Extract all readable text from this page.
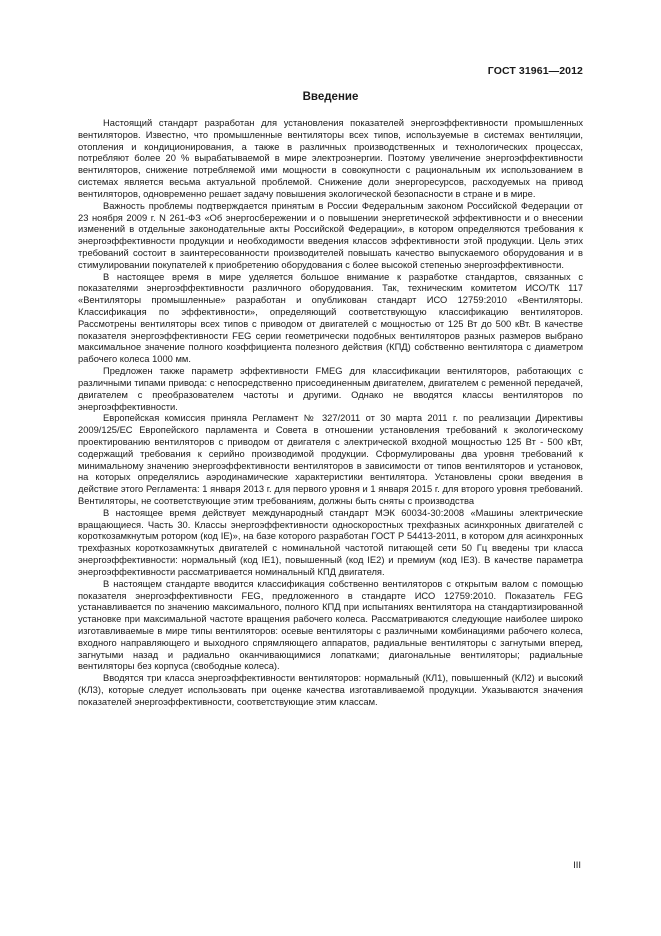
ГОСТ 31961—2012
Введение

Настоящий стандарт разработан для установления показателей энергоэффективности промышленных вентиляторов. Известно, что промышленные вентиляторы всех типов, используемые в системах вентиляции, отопления и кондиционирования, а также в различных производственных и технологических процессах, потребляют более 20 % вырабатываемой в мире электроэнергии. Поэтому увеличение энергоэффективности вентиляторов, снижение потребляемой ими мощности в совокупности с рациональным их использованием в системах является весьма актуальной проблемой. Снижение доли энергоресурсов, расходуемых на привод вентиляторов, одновременно решает задачу повышения экологической безопасности в стране и в мире.

Важность проблемы подтверждается принятым в России Федеральным законом Российской Федерации от 23 ноября 2009 г. N 261-ФЗ «Об энергосбережении и о повышении энергетической эффективности и о внесении изменений в отдельные законодательные акты Российской Федерации», в котором определяются требования к энергоэффективности продукции и необходимости введения классов эффективности этой продукции. Цель этих требований состоит в заинтересованности производителей повышать качество выпускаемого оборудования и в стимулировании покупателей к приобретению оборудования с более высокой степенью энергоэффективности.

В настоящее время в мире уделяется большое внимание к разработке стандартов, связанных с показателями энергоэффективности различного оборудования. Так, техническим комитетом ИСО/ТК 117 «Вентиляторы промышленные» разработан и опубликован стандарт ИСО 12759:2010 «Вентиляторы. Классификация по эффективности», определяющий соответствующую классификацию вентиляторов. Рассмотрены вентиляторы всех типов с приводом от двигателей с мощностью от 125 Вт до 500 кВт. В качестве показателя энергоэффективности FEG серии геометрически подобных вентиляторов разных размеров выбрано максимальное значение полного коэффициента полезного действия (КПД) собственно вентилятора с диаметром рабочего колеса 1000 мм.

Предложен также параметр эффективности FMEG для классификации вентиляторов, работающих с различными типами привода: с непосредственно присоединенным двигателем, двигателем с ременной передачей, двигателем с преобразователем частоты и другими. Однако не вводятся классы вентиляторов по энергоэффективности.

Европейская комиссия приняла Регламент № 327/2011 от 30 марта 2011 г. по реализации Директивы 2009/125/ЕС Европейского парламента и Совета в отношении установления требований к экологическому проектированию вентиляторов с приводом от двигателя с электрической входной мощностью 125 Вт - 500 кВт, содержащий требования к серийно производимой продукции. Сформулированы два уровня требований к минимальному значению энергоэффективности вентиляторов в зависимости от типов вентиляторов и установок, на которых определялись аэродинамические характеристики вентилятора. Установлены сроки введения в действие этого Регламента: 1 января 2013 г. для первого уровня и 1 января 2015 г. для второго уровня требований. Вентиляторы, не соответствующие этим требованиям, должны быть сняты с производства

В настоящее время действует международный стандарт МЭК 60034-30:2008 «Машины электрические вращающиеся. Часть 30. Классы энергоэффективности односкоростных трехфазных асинхронных двигателей с короткозамкнутым ротором (код IE)», на базе которого разработан ГОСТ Р 54413-2011, в котором для асинхронных трехфазных короткозамкнутых двигателей с номинальной частотой питающей сети 50 Гц введены три класса энергоэффективности: нормальный (код IE1), повышенный (код IE2) и премиум (код IE3). В качестве параметра энергоэффективности рассматривается номинальный КПД двигателя.

В настоящем стандарте вводится классификация собственно вентиляторов с открытым валом с помощью показателя энергоэффективности FEG, предложенного в стандарте ИСО 12759:2010. Показатель FEG устанавливается по значению максимального, полного КПД при испытаниях вентилятора на стандартизированной установке при максимальной частоте вращения рабочего колеса. Рассматриваются следующие наиболее широко изготавливаемые в мире типы вентиляторов: осевые вентиляторы с различными комбинациями рабочего колеса, входного направляющего и выходного спрямляющего аппаратов, радиальные вентиляторы с загнутыми вперед, загнутыми назад и радиально оканчивающимися лопатками; диагональные вентиляторы; радиальные вентиляторы без корпуса (свободные колеса).

Вводятся три класса энергоэффективности вентиляторов: нормальный (КЛ1), повышенный (КЛ2) и высокий (КЛ3), которые следует использовать при оценке качества изготавливаемой продукции. Указываются значения показателей энергоэффективности, соответствующие этим классам.

III
